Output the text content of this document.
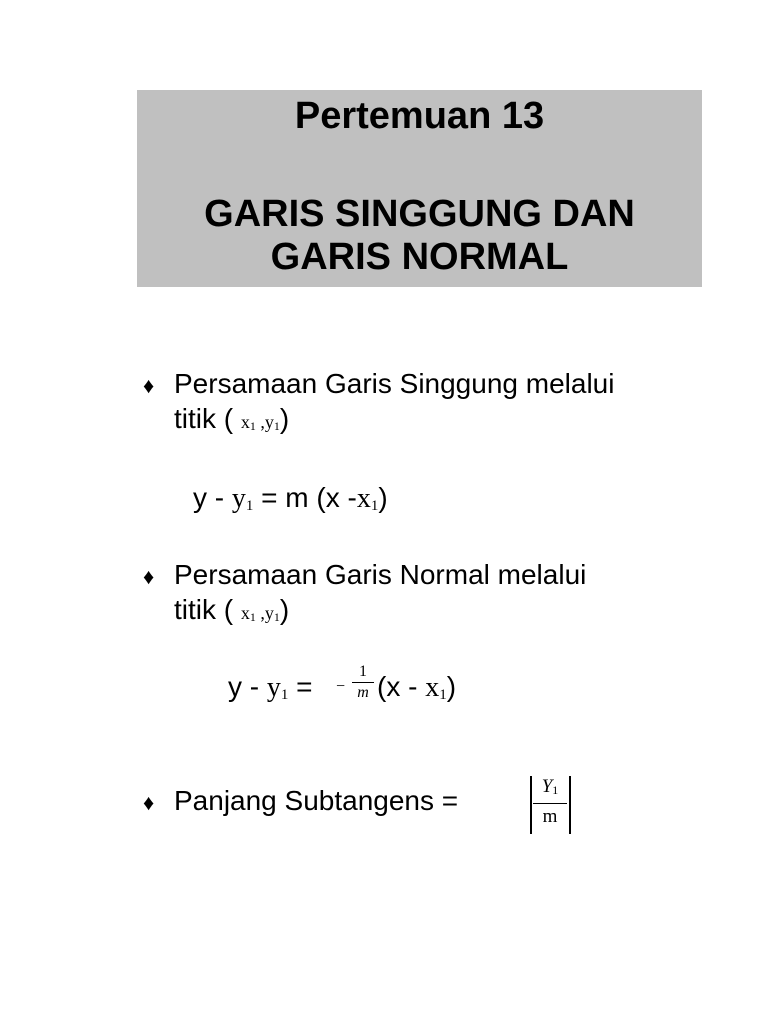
Pertemuan 13
GARIS SINGGUNG DAN
GARIS NORMAL
♦ Persamaan Garis Singgung melalui
titik ( x1 ,y1)
y - y1 = m (x -x1)
♦ Persamaan Garis Normal melalui
titik ( x1 ,y1)
y - y1 = − $\frac{1}{m} (x - x1)$
♦ Panjang Subtangens =	$\frac{Y1}{m}$
